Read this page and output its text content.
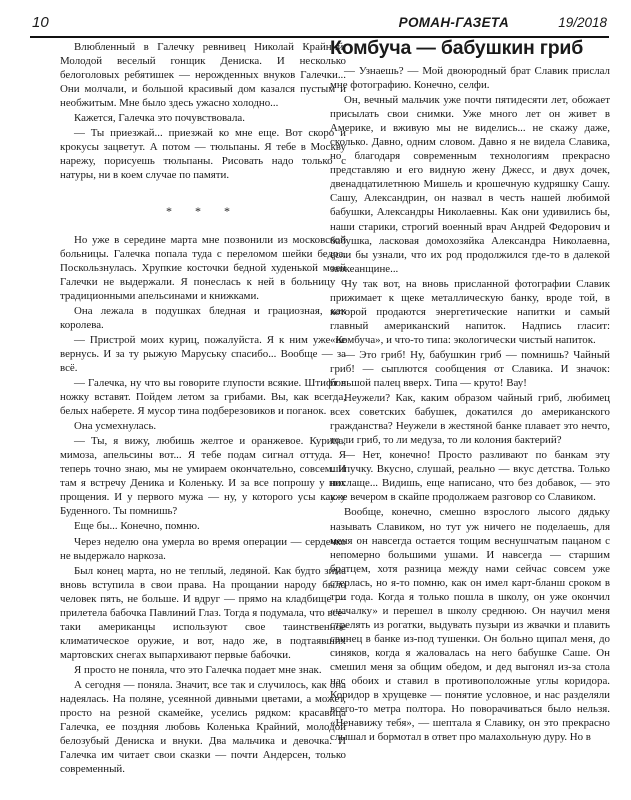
10	РОМАН-ГАЗЕТА	19/2018

Влюбленный в Галечку ревнивец Николай Крайний. Молодой веселый гонщик Дениска. И несколько белоголовых ребятишек — нерожденных внуков Галечки... Они молчали, и большой красивый дом казался пустым и необжитым. Мне было здесь ужасно холодно...

Кажется, Галечка это почувствовала.

— Ты приезжай... приезжай ко мне еще. Вот скоро и крокусы зацветут. А потом — тюльпаны. Я тебе в Москву нарежу, порисуешь тюльпаны. Рисовать надо только с натуры, ни в коем случае по памяти.

* * *

Но уже в середине марта мне позвонили из московской больницы. Галечка попала туда с переломом шейки бедра. Поскользнулась. Хрупкие косточки бедной худенькой моей Галечки не выдержали. Я понеслась к ней в больницу с традиционными апельсинами и книжками.

Она лежала в подушках бледная и грациозная, как королева.

— Пристрой моих куриц, пожалуйста. Я к ним уже не вернусь. И за ту рыжую Маруську спасибо... Вообще — за всё.

— Галечка, ну что вы говорите глупости всякие. Штифт в ножку вставят. Пойдем летом за грибами. Вы, как всегда, белых наберете. Я мусор тина подберезовиков и поганок.

Она усмехнулась.

— Ты, я вижу, любишь желтое и оранжевое. Курица, мимоза, апельсины вот... Я тебе подам сигнал оттуда. Я теперь точно знаю, мы не умираем окончательно, совсем. И там я встречу Деника и Коленьку. И за все попрошу у них прощения. И у первого мужа — ну, у которого усы как у Буденного. Ты помнишь?

Еще бы... Конечно, помню.

Через неделю она умерла во время операции — сердечко не выдержало наркоза.

Был конец марта, но не теплый, ледяной. Как будто зима вновь вступила в свои права. На прощании народу было человек пять, не больше. И вдруг — прямо на кладбище — прилетела бабочка Павлиний Глаз. Тогда я подумала, что все-таки американцы используют свое таинственное климатическое оружие, и вот, надо же, в подтаявших мартовских снегах выпархивают первые бабочки.

Я просто не поняла, что это Галечка подает мне знак.

А сегодня — поняла. Значит, все так и случилось, как она надеялась. На поляне, усеянной дивными цветами, а может, просто на резной скамейке, уселись рядком: красавица Галечка, ее поздняя любовь Коленька Крайний, молодой белозубый Дениска и внуки. Два мальчика и девочка. И Галечка им читает свои сказки — почти Андерсен, только современный.

Комбуча — бабушкин гриб

— Узнаешь? — Мой двоюродный брат Славик прислал мне фотографию. Конечно, селфи.

Он, вечный мальчик уже почти пятидесяти лет, обожает присылать свои снимки. Уже много лет он живет в Америке, и вживую мы не виделись... не скажу даже, сколько. Давно, одним словом. Давно я не видела Славика, но благодаря современным технологиям прекрасно представляю и его видную жену Джесс, и двух дочек, двенадцатилетнюю Мишель и крошечную кудряшку Сашу. Сашу, Александрин, он назвал в честь нашей любимой бабушки, Александры Николаевны. Как они удивились бы, наши старики, строгий военный врач Андрей Федорович и бабушка, ласковая домохозяйка Александра Николаевна, если бы узнали, что их род продолжился где-то в далекой заокеанщине...

Ну так вот, на вновь присланной фотографии Славик прижимает к щеке металлическую банку, вроде той, в которой продаются энергетические напитки и самый главный американский напиток. Надпись гласит: «Комбуча», и что-то типа: экологически чистый напиток.

— Это гриб! Ну, бабушкин гриб — помнишь? Чайный гриб! — сыплются сообщения от Славика. И значок: большой палец вверх. Типа — круто! Вау!

Неужели? Как, каким образом чайный гриб, любимец всех советских бабушек, докатился до американского гражданства? Неужели в жестяной банке плавает это нечто, то ли гриб, то ли медуза, то ли колония бактерий?

— Нет, конечно! Просто разливают по банкам эту шипучку. Вкусно, слушай, реально — вкус детства. Только послаще... Видишь, еще написано, что без добавок, — это уже вечером в скайпе продолжаем разговор со Славиком.

Вообще, конечно, смешно взрослого лысого дядьку называть Славиком, но тут уж ничего не поделаешь, для меня он навсегда остается тощим веснушчатым пацаном с непомерно большими ушами. И навсегда — старшим братцем, хотя разница между нами сейчас совсем уже стерлась, но я-то помню, как он имел карт-бланш сроком в три года. Когда я только пошла в школу, он уже окончил «началку» и перешел в школу среднюю. Он научил меня стрелять из рогатки, выдувать пузыри из жвачки и плавить свинец в банке из-под тушенки. Он больно щипал меня, до синяков, когда я жаловалась на него бабушке Саше. Он смешил меня за общим обедом, и дед выгонял из-за стола нас обоих и ставил в противоположные углы коридора. Коридор в хрущевке — понятие условное, и нас разделяли всего-то метра полтора. Но поворачиваться было нельзя. «Ненавижу тебя», — шептала я Славику, он это прекрасно слышал и бормотал в ответ про малахольную дуру. Но в
